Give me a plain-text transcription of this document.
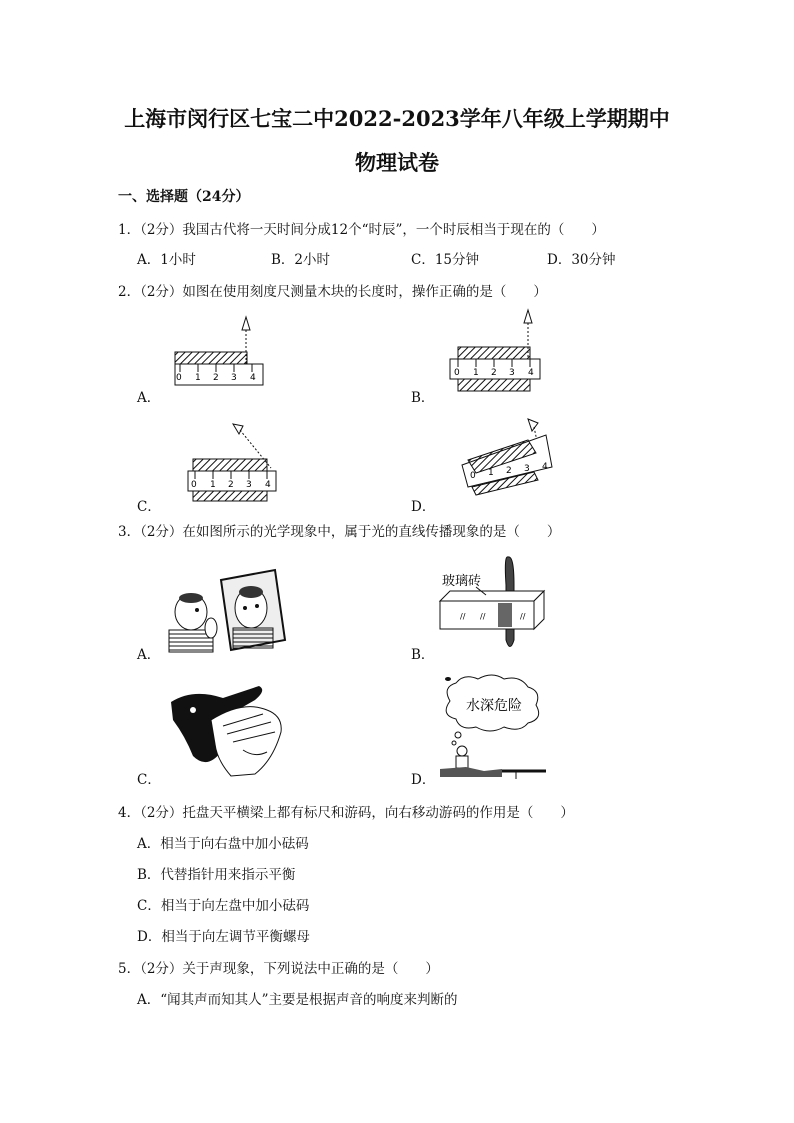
上海市闵行区七宝二中2022-2023学年八年级上学期期中
物理试卷
一、选择题（24分）
1．（2分）我国古代将一天时间分成12个“时辰”，一个时辰相当于现在的（　　）
A．1小时	B．2小时	C．15分钟	D．30分钟
2．（2分）如图在使用刻度尺测量木块的长度时，操作正确的是（　　）
0 1 2 3 4
A．
0 1 2 3 4
B．
0 1 2 3 4
C．
0 1 2 3 4
D．
3．（2分）在如图所示的光学现象中，属于光的直线传播现象的是（　　）
A．
// //	//
玻璃砖
B．
C．
水深危险
D．
4．（2分）托盘天平横梁上都有标尺和游码，向右移动游码的作用是（　　）
A．相当于向右盘中加小砝码
B．代替指针用来指示平衡
C．相当于向左盘中加小砝码
D．相当于向左调节平衡螺母
5．（2分）关于声现象，下列说法中正确的是（　　）
A．“闻其声而知其人”主要是根据声音的响度来判断的
